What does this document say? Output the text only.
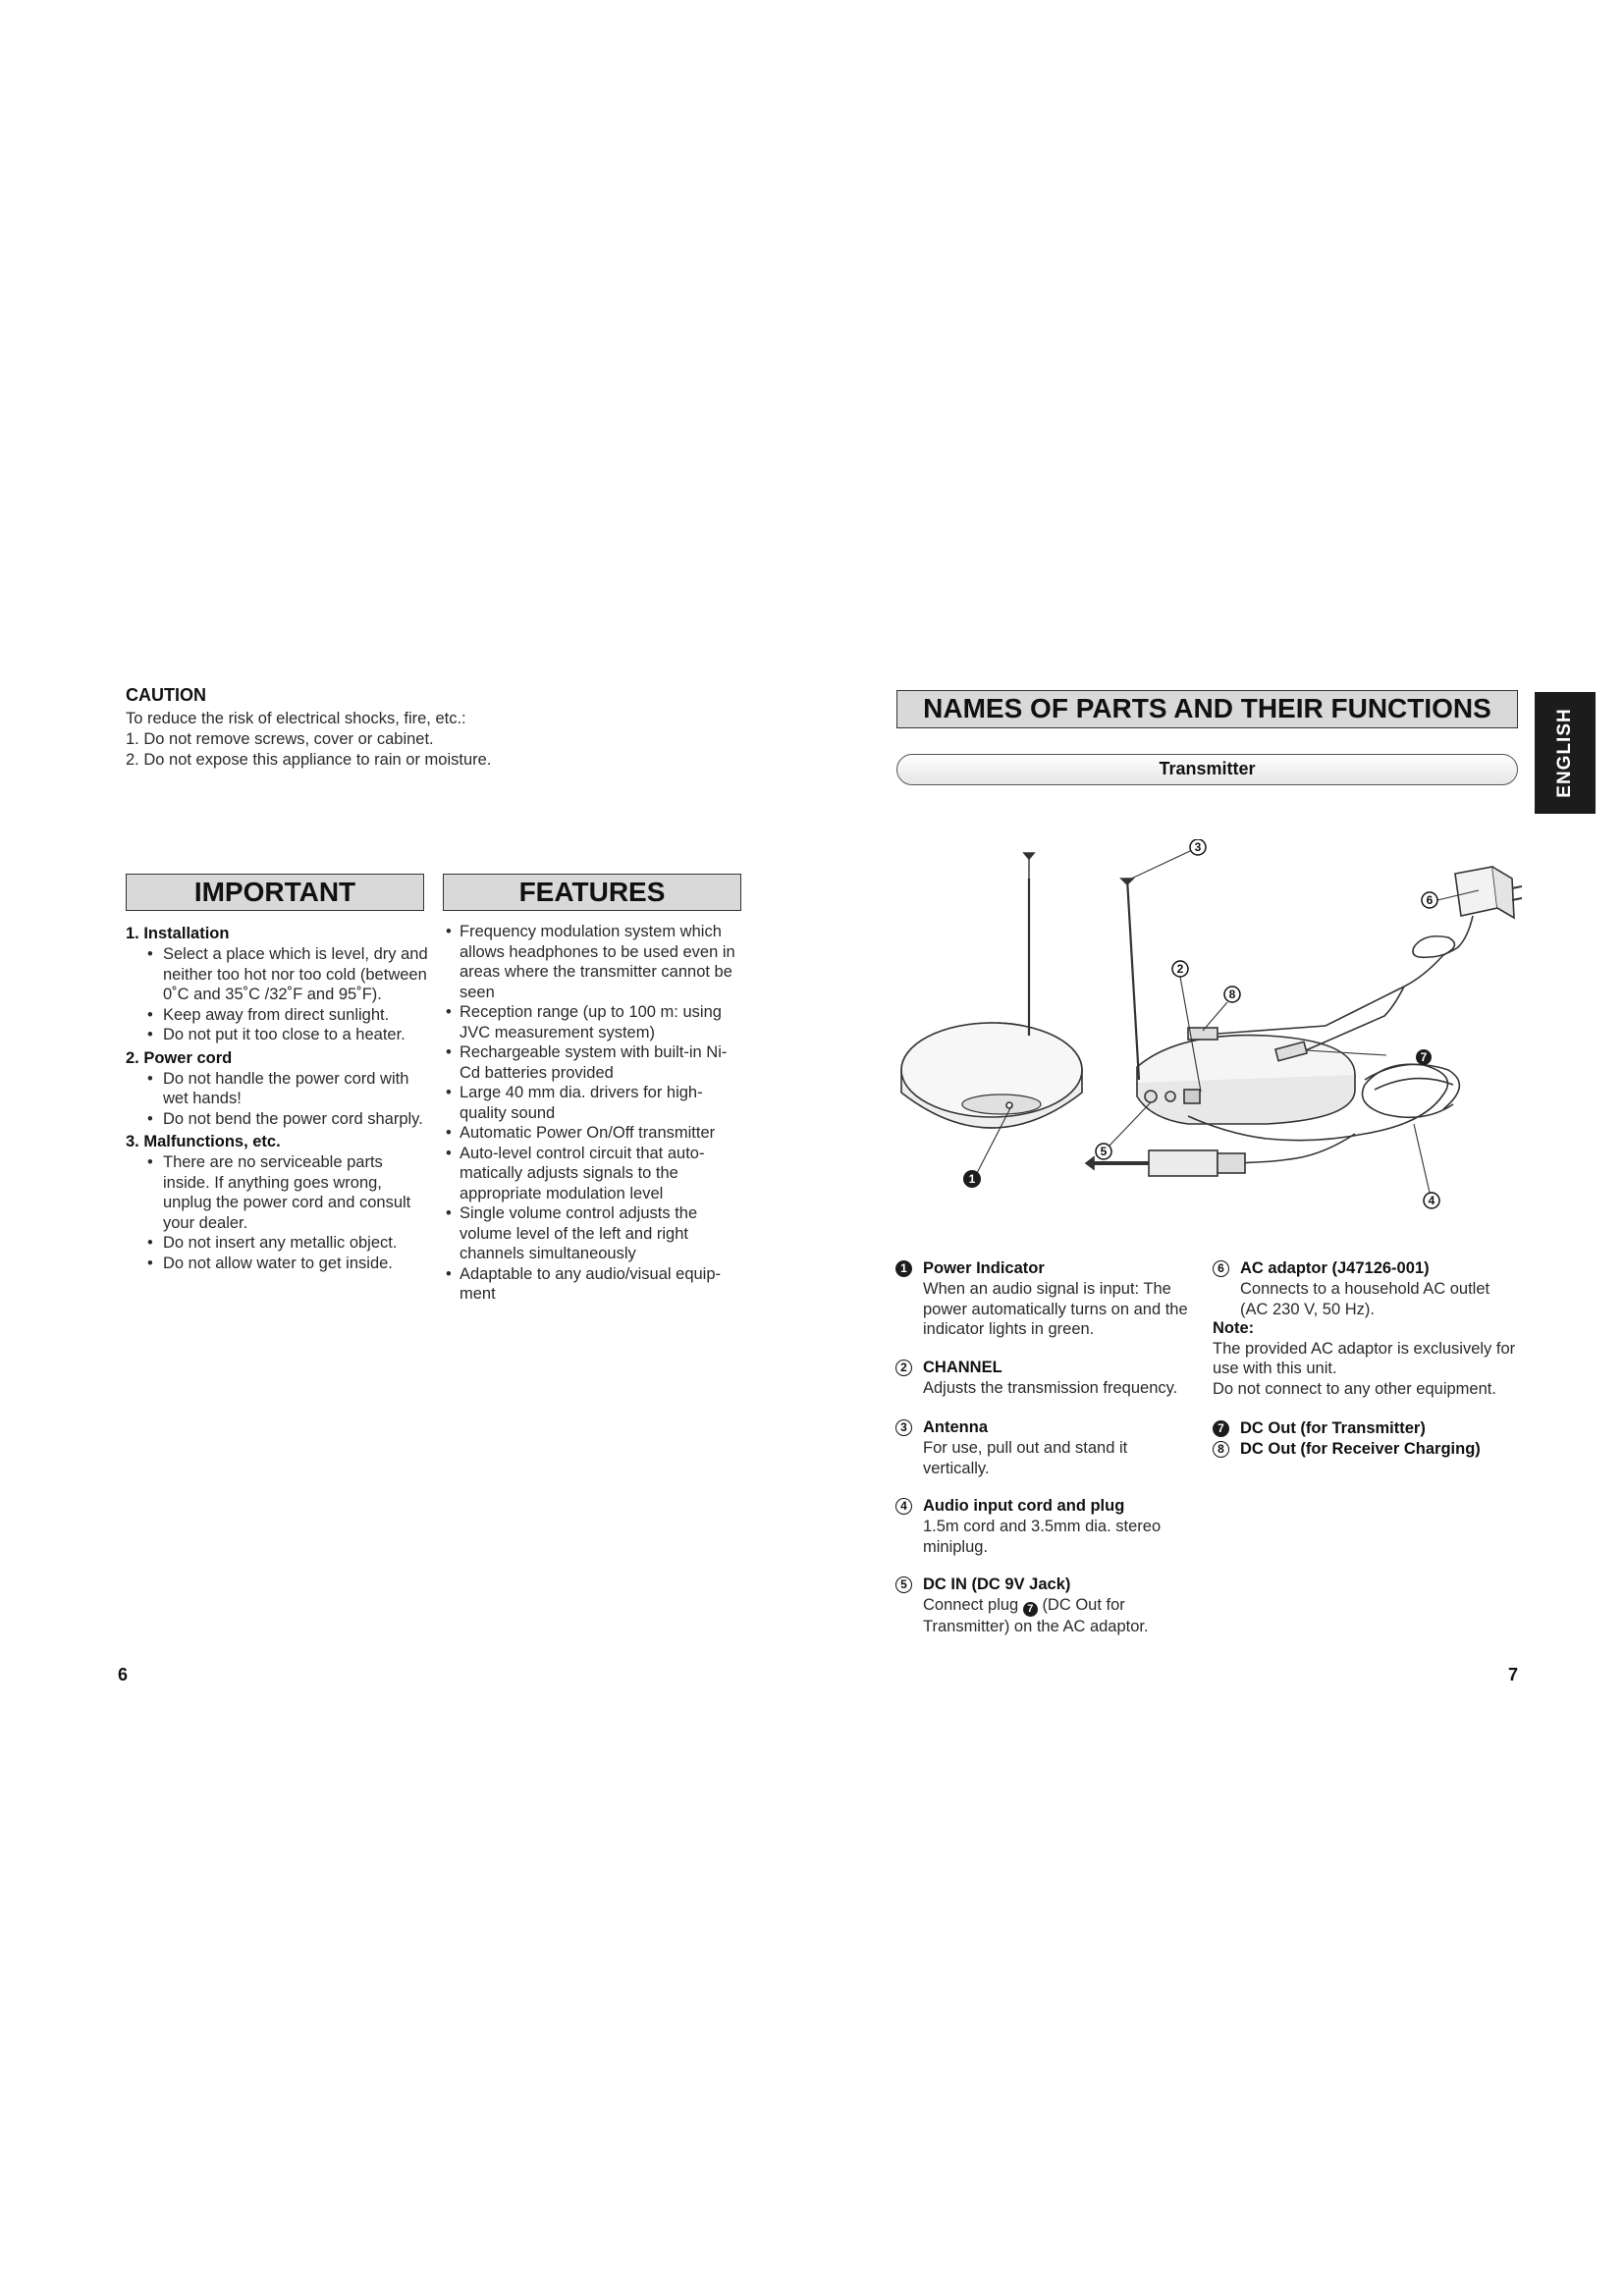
CAUTION
To reduce the risk of electrical shocks, fire, etc.:
1. Do not remove screws, cover or cabinet.
2. Do not expose this appliance to rain or moisture.
IMPORTANT	FEATURES
1. Installation
• Select a place which is level, dry and neither too hot nor too cold (between 0˚C and 35˚C /32˚F and 95˚F).
• Keep away from direct sunlight.
• Do not put it too close to a heater.
2. Power cord
• Do not handle the power cord with wet hands!
• Do not bend the power cord sharply.
3. Malfunctions, etc.
• There are no serviceable parts inside. If anything goes wrong, unplug the power cord and consult your dealer.
• Do not insert any metallic object.
• Do not allow water to get inside.
• Frequency modulation system which allows headphones to be used even in areas where the transmitter cannot be seen
• Reception range (up to 100 m: using JVC measurement system)
• Rechargeable system with built-in Ni-Cd batteries provided
• Large 40 mm dia. drivers for high-quality sound
• Automatic Power On/Off transmitter
• Auto-level control circuit that auto-matically adjusts signals to the appropriate modulation level
• Single volume control adjusts the volume level of the left and right channels simultaneously
• Adaptable to any audio/visual equip-ment
NAMES OF PARTS AND THEIR FUNCTIONS
Transmitter	ENGLISH
1
2
3
4
5
6
7
8
1 Power Indicator
When an audio signal is input: The power automatically turns on and the indicator lights in green.
2 CHANNEL
Adjusts the transmission frequency.
3 Antenna
For use, pull out and stand it vertically.
4 Audio input cord and plug
1.5m cord and 3.5mm dia. stereo miniplug.
5 DC IN (DC 9V Jack)
Connect plug 7 (DC Out for Transmitter) on the AC adaptor.
6 AC adaptor (J47126-001)
Connects to a household AC outlet (AC 230 V, 50 Hz).
Note:
The provided AC adaptor is exclusively for use with this unit.
Do not connect to any other equipment.
7 DC Out (for Transmitter)
8 DC Out (for Receiver Charging)
6	7
